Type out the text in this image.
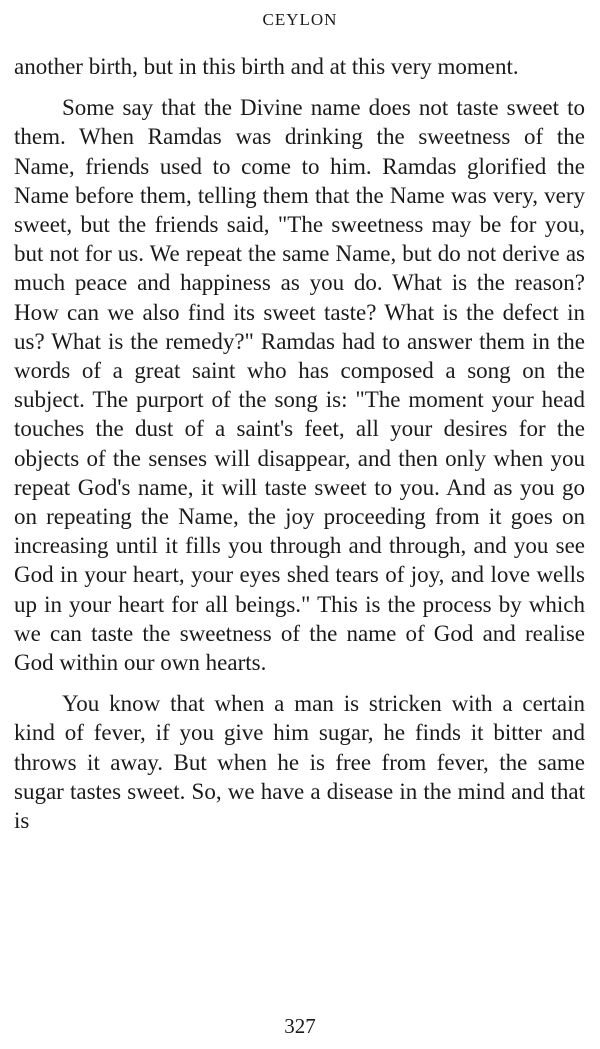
CEYLON

another birth, but in this birth and at this very moment.

Some say that the Divine name does not taste sweet to them. When Ramdas was drinking the sweetness of the Name, friends used to come to him. Ramdas glorified the Name before them, telling them that the Name was very, very sweet, but the friends said, "The sweetness may be for you, but not for us. We repeat the same Name, but do not derive as much peace and happiness as you do. What is the reason? How can we also find its sweet taste? What is the defect in us? What is the remedy?" Ramdas had to answer them in the words of a great saint who has composed a song on the subject. The purport of the song is: "The moment your head touches the dust of a saint's feet, all your desires for the objects of the senses will disappear, and then only when you repeat God's name, it will taste sweet to you. And as you go on repeating the Name, the joy proceeding from it goes on increasing until it fills you through and through, and you see God in your heart, your eyes shed tears of joy, and love wells up in your heart for all beings." This is the process by which we can taste the sweetness of the name of God and realise God within our own hearts.

You know that when a man is stricken with a certain kind of fever, if you give him sugar, he finds it bitter and throws it away. But when he is free from fever, the same sugar tastes sweet. So, we have a disease in the mind and that is

327
